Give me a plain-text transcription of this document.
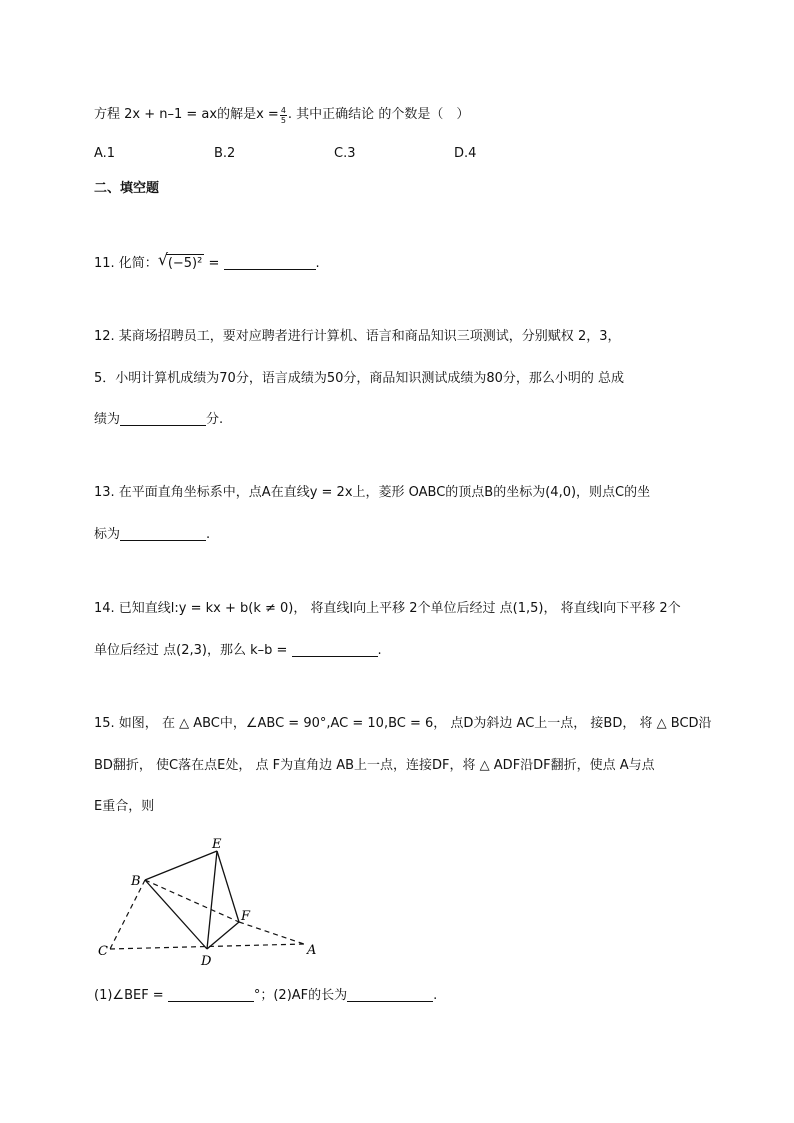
方程 2x + n–1 = ax的解是$x = \frac{4}{5}$ . 其中正确结论 的个数是（　）
A.1	B.2	C.3	D.4
二、填空题
11. 化简： √ (−5)² =	.
12. 某商场招聘员工，要对应聘者进行计算机、语言和商品知识三项测试，分别赋权 2，3，
5．小明计算机成绩为70分，语言成绩为50分，商品知识测试成绩为80分，那么小明的 总成
绩为	分.
13. 在平面直角坐标系中，点A在直线y = 2x上，菱形 OABC的顶点B的坐标为(4,0)，则点C的坐
标为	.
14. 已知直线l:y = kx + b(k ≠ 0)， 将直线l向上平移 2个单位后经过 点(1,5)， 将直线l向下平移 2个
单位后经过 点(2,3)，那么 k–b =	.
15. 如图， 在 △ ABC中，∠ABC = 90°,AC = 10,BC = 6， 点D为斜边 AC上一点， 接BD， 将 △ BCD沿
BD翻折， 使C落在点E处， 点 F为直角边 AB上一点，连接DF，将 △ ADF沿DF翻折，使点 A与点
E重合，则
B
E
F
C
D
A
(1)∠BEF =	°；(2)AF的长为	.
